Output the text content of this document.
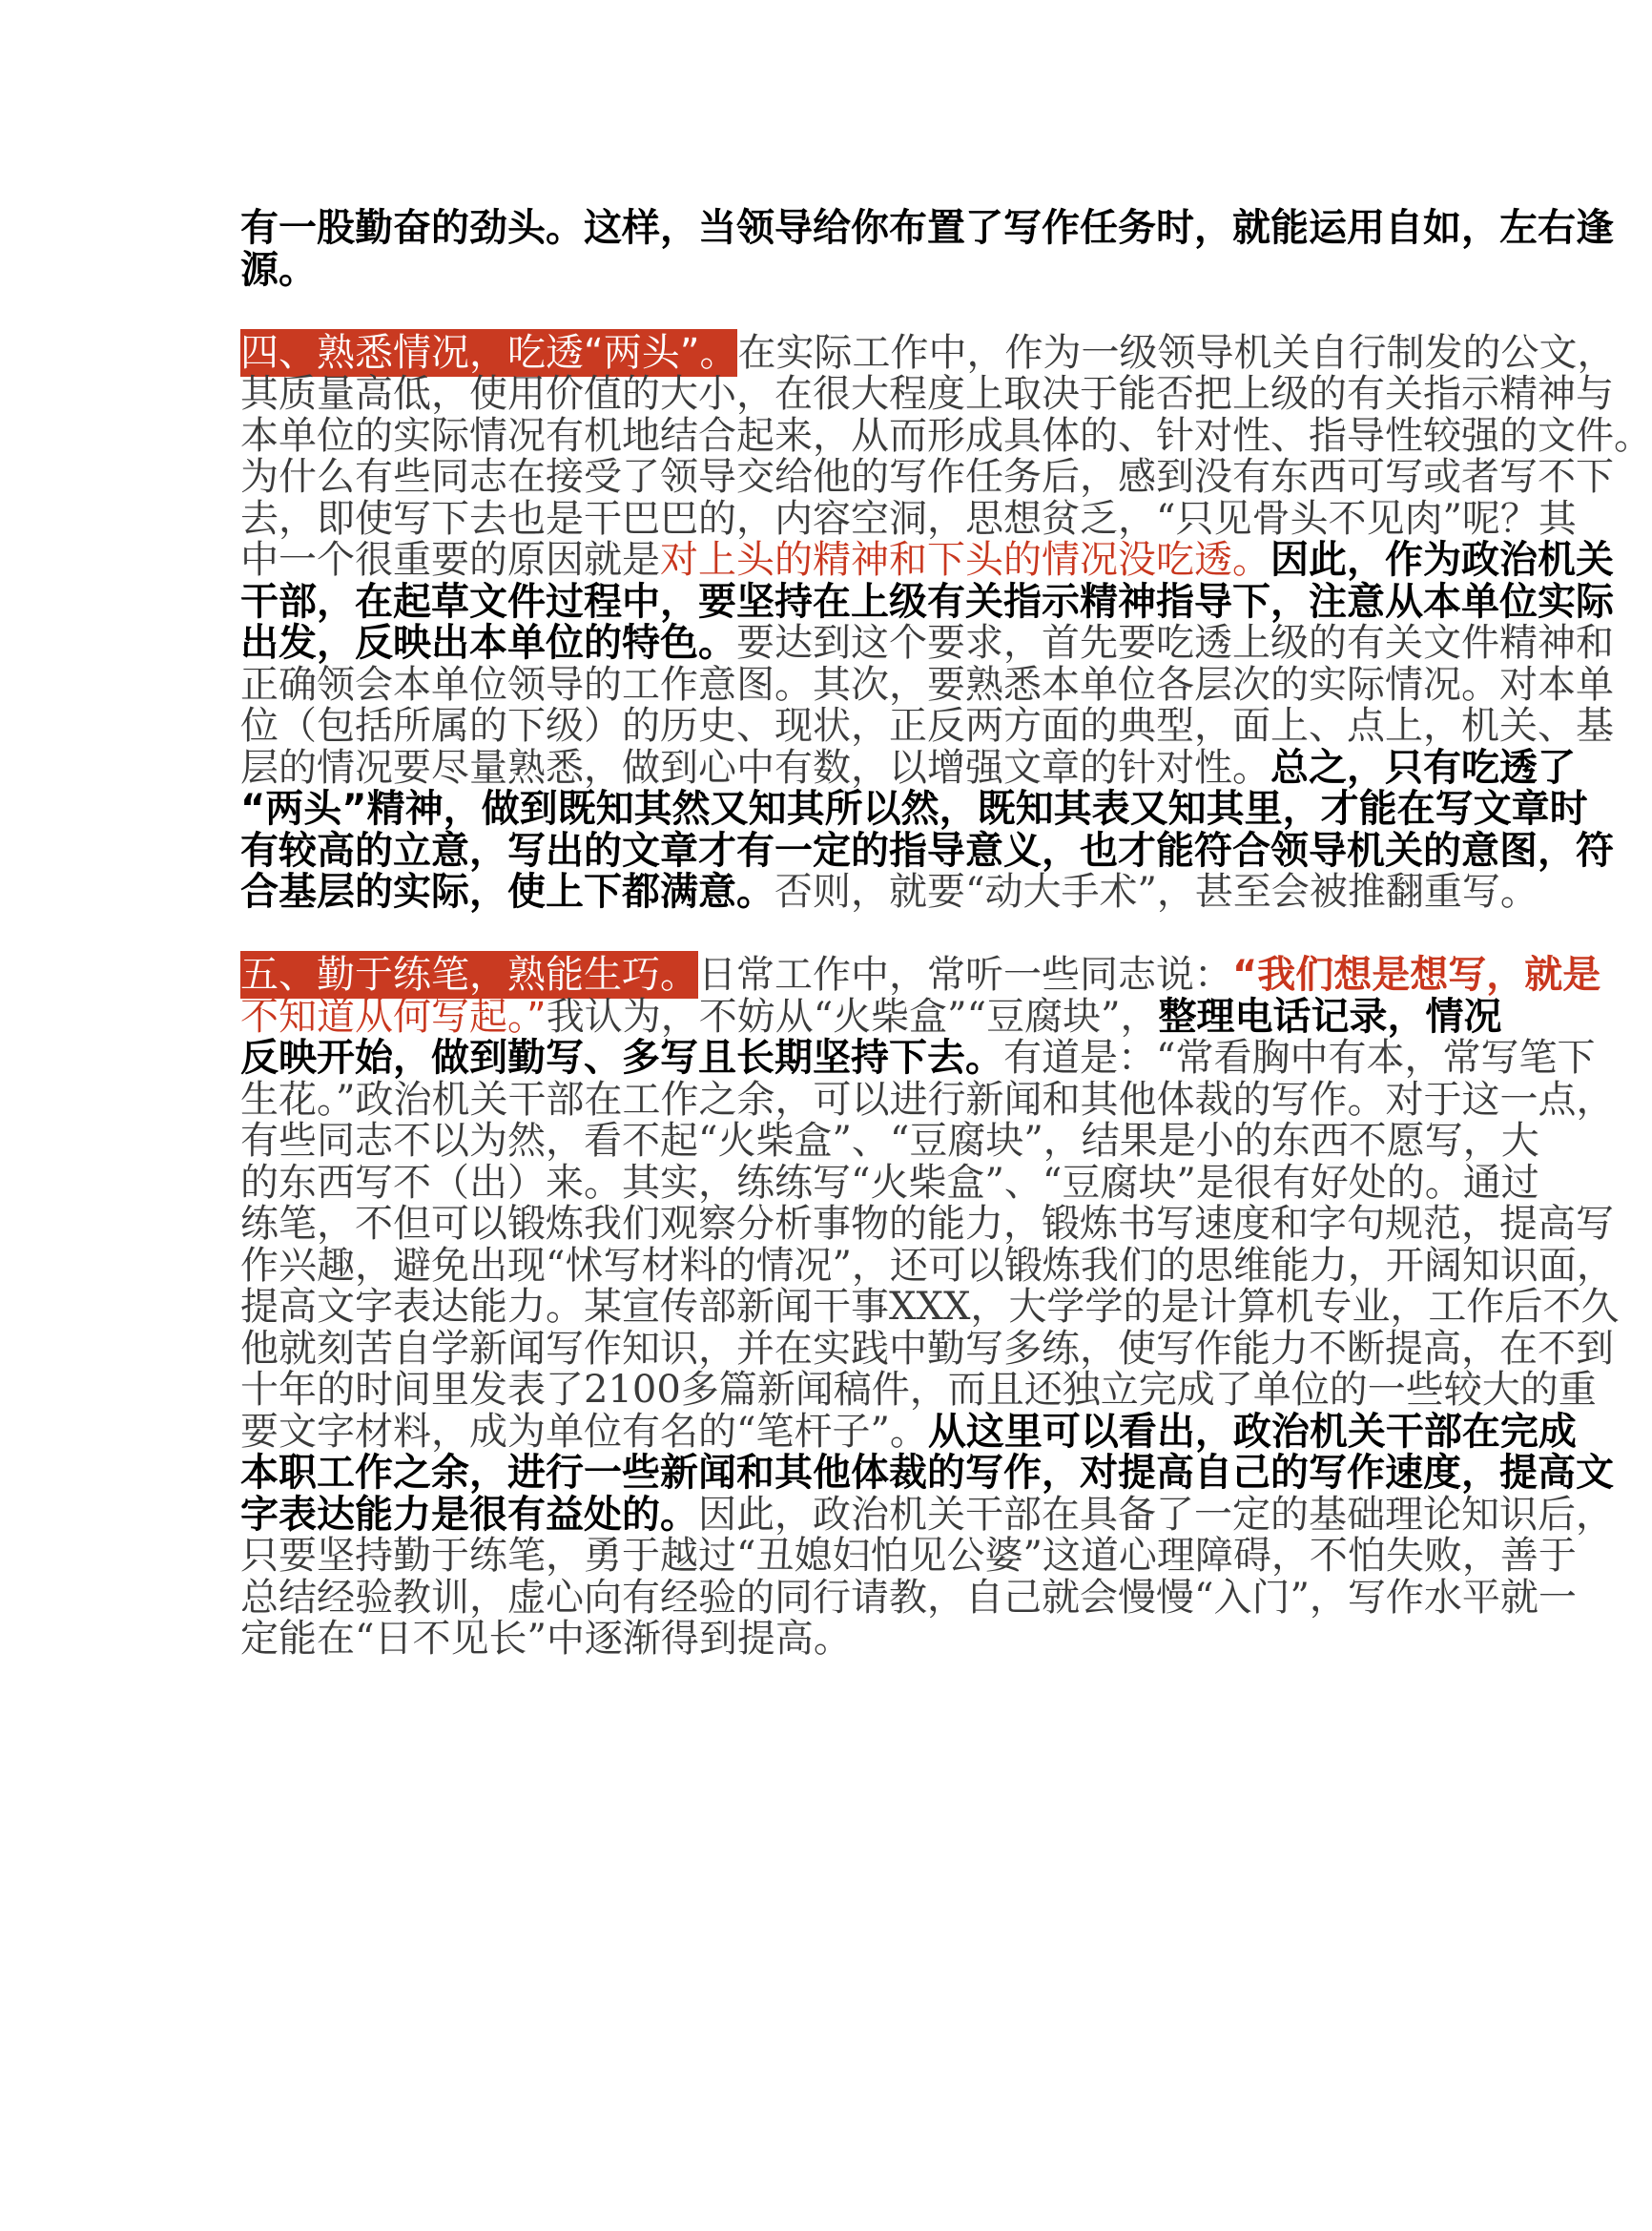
有一股勤奋的劲头。这样，当领导给你布置了写作任务时，就能运用自如，左右逢
源。
四、熟悉情况，吃透“两头”。在实际工作中，作为一级领导机关自行制发的公文，
其质量高低，使用价值的大小，在很大程度上取决于能否把上级的有关指示精神与
本单位的实际情况有机地结合起来，从而形成具体的、针对性、指导性较强的文件。
为什么有些同志在接受了领导交给他的写作任务后，感到没有东西可写或者写不下
去，即使写下去也是干巴巴的，内容空洞，思想贫乏，“只见骨头不见肉”呢？其
中一个很重要的原因就是对上头的精神和下头的情况没吃透。因此，作为政治机关
干部，在起草文件过程中，要坚持在上级有关指示精神指导下，注意从本单位实际
出发，反映出本单位的特色。要达到这个要求，首先要吃透上级的有关文件精神和
正确领会本单位领导的工作意图。其次，要熟悉本单位各层次的实际情况。对本单
位（包括所属的下级）的历史、现状，正反两方面的典型，面上、点上，机关、基
层的情况要尽量熟悉，做到心中有数，以增强文章的针对性。总之，只有吃透了
“两头”精神，做到既知其然又知其所以然，既知其表又知其里，才能在写文章时
有较高的立意，写出的文章才有一定的指导意义，也才能符合领导机关的意图，符
合基层的实际，使上下都满意。否则，就要“动大手术”，甚至会被推翻重写。
五、勤于练笔，熟能生巧。日常工作中，常听一些同志说：“我们想是想写，就是
不知道从何写起。”我认为，不妨从“火柴盒”“豆腐块”，整理电话记录，情况
反映开始，做到勤写、多写且长期坚持下去。有道是：“常看胸中有本，常写笔下
生花。”政治机关干部在工作之余，可以进行新闻和其他体裁的写作。对于这一点，
有些同志不以为然，看不起“火柴盒”、“豆腐块”，结果是小的东西不愿写，大
的东西写不（出）来。其实，练练写“火柴盒”、“豆腐块”是很有好处的。通过
练笔，不但可以锻炼我们观察分析事物的能力，锻炼书写速度和字句规范，提高写
作兴趣，避免出现“怵写材料的情况”，还可以锻炼我们的思维能力，开阔知识面，
提高文字表达能力。某宣传部新闻干事XXX，大学学的是计算机专业，工作后不久
他就刻苦自学新闻写作知识，并在实践中勤写多练，使写作能力不断提高，在不到
十年的时间里发表了2100多篇新闻稿件，而且还独立完成了单位的一些较大的重
要文字材料，成为单位有名的“笔杆子”。从这里可以看出，政治机关干部在完成
本职工作之余，进行一些新闻和其他体裁的写作，对提高自己的写作速度，提高文
字表达能力是很有益处的。因此，政治机关干部在具备了一定的基础理论知识后，
只要坚持勤于练笔，勇于越过“丑媳妇怕见公婆”这道心理障碍，不怕失败，善于
总结经验教训，虚心向有经验的同行请教，自己就会慢慢“入门”，写作水平就一
定能在“日不见长”中逐渐得到提高。
